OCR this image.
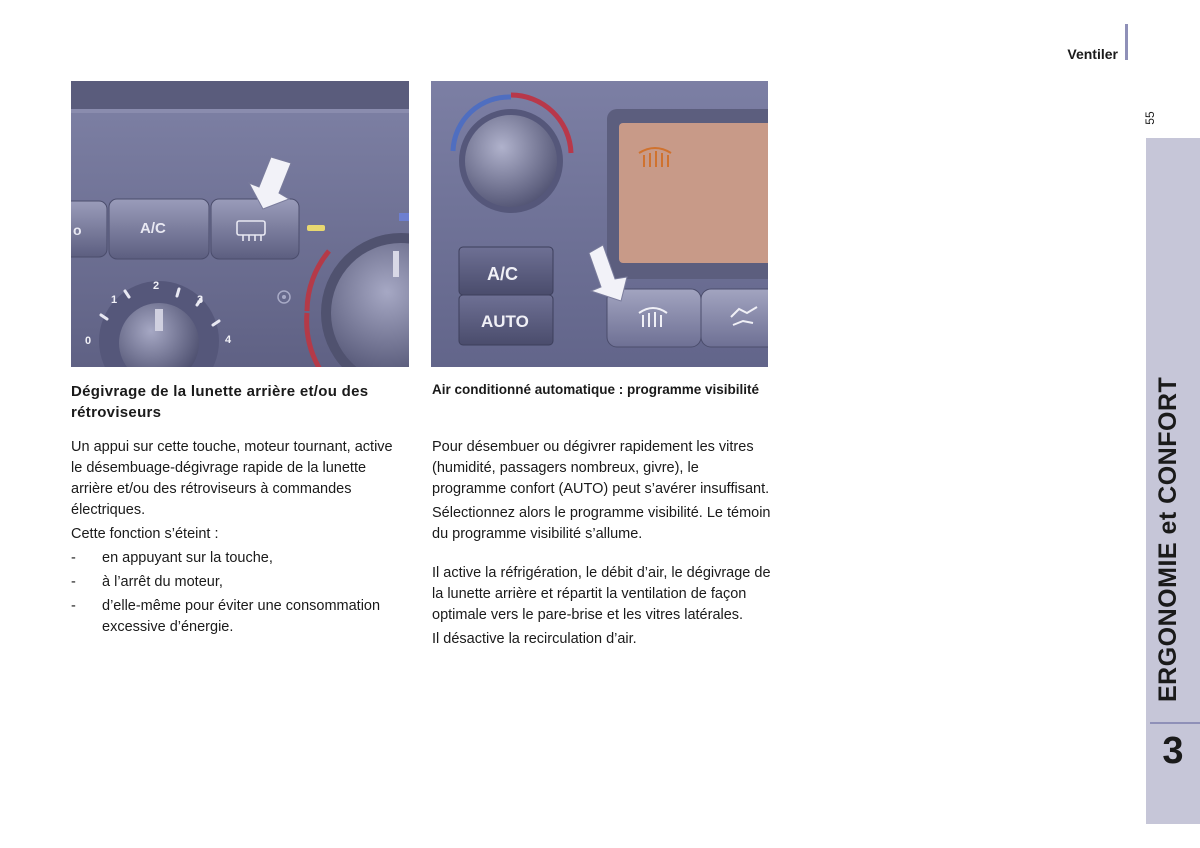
Ventiler
55
ERGONOMIE et CONFORT
3
o	A/C
0
1
2
3
4
A/C
AUTO
Dégivrage de la lunette arrière et/ou des rétroviseurs

Un appui sur cette touche, moteur tournant, active le désembuage-dégivrage rapide de la lunette arrière et/ou des rétroviseurs à commandes électriques.

Cette fonction s’éteint :

- en appuyant sur la touche,
- à l’arrêt du moteur,
- d’elle-même pour éviter une consommation excessive d’énergie.
Air conditionné automatique : programme visibilité

Pour désembuer ou dégivrer rapidement les vitres (humidité, passagers nombreux, givre), le programme confort (AUTO) peut s’avérer insuffisant.

Sélectionnez alors le programme visibilité. Le témoin du programme visibilité s’allume.

Il active la réfrigération, le débit d’air, le dégivrage de la lunette arrière et répartit la ventilation de façon optimale vers le pare-brise et les vitres latérales.

Il désactive la recirculation d’air.
